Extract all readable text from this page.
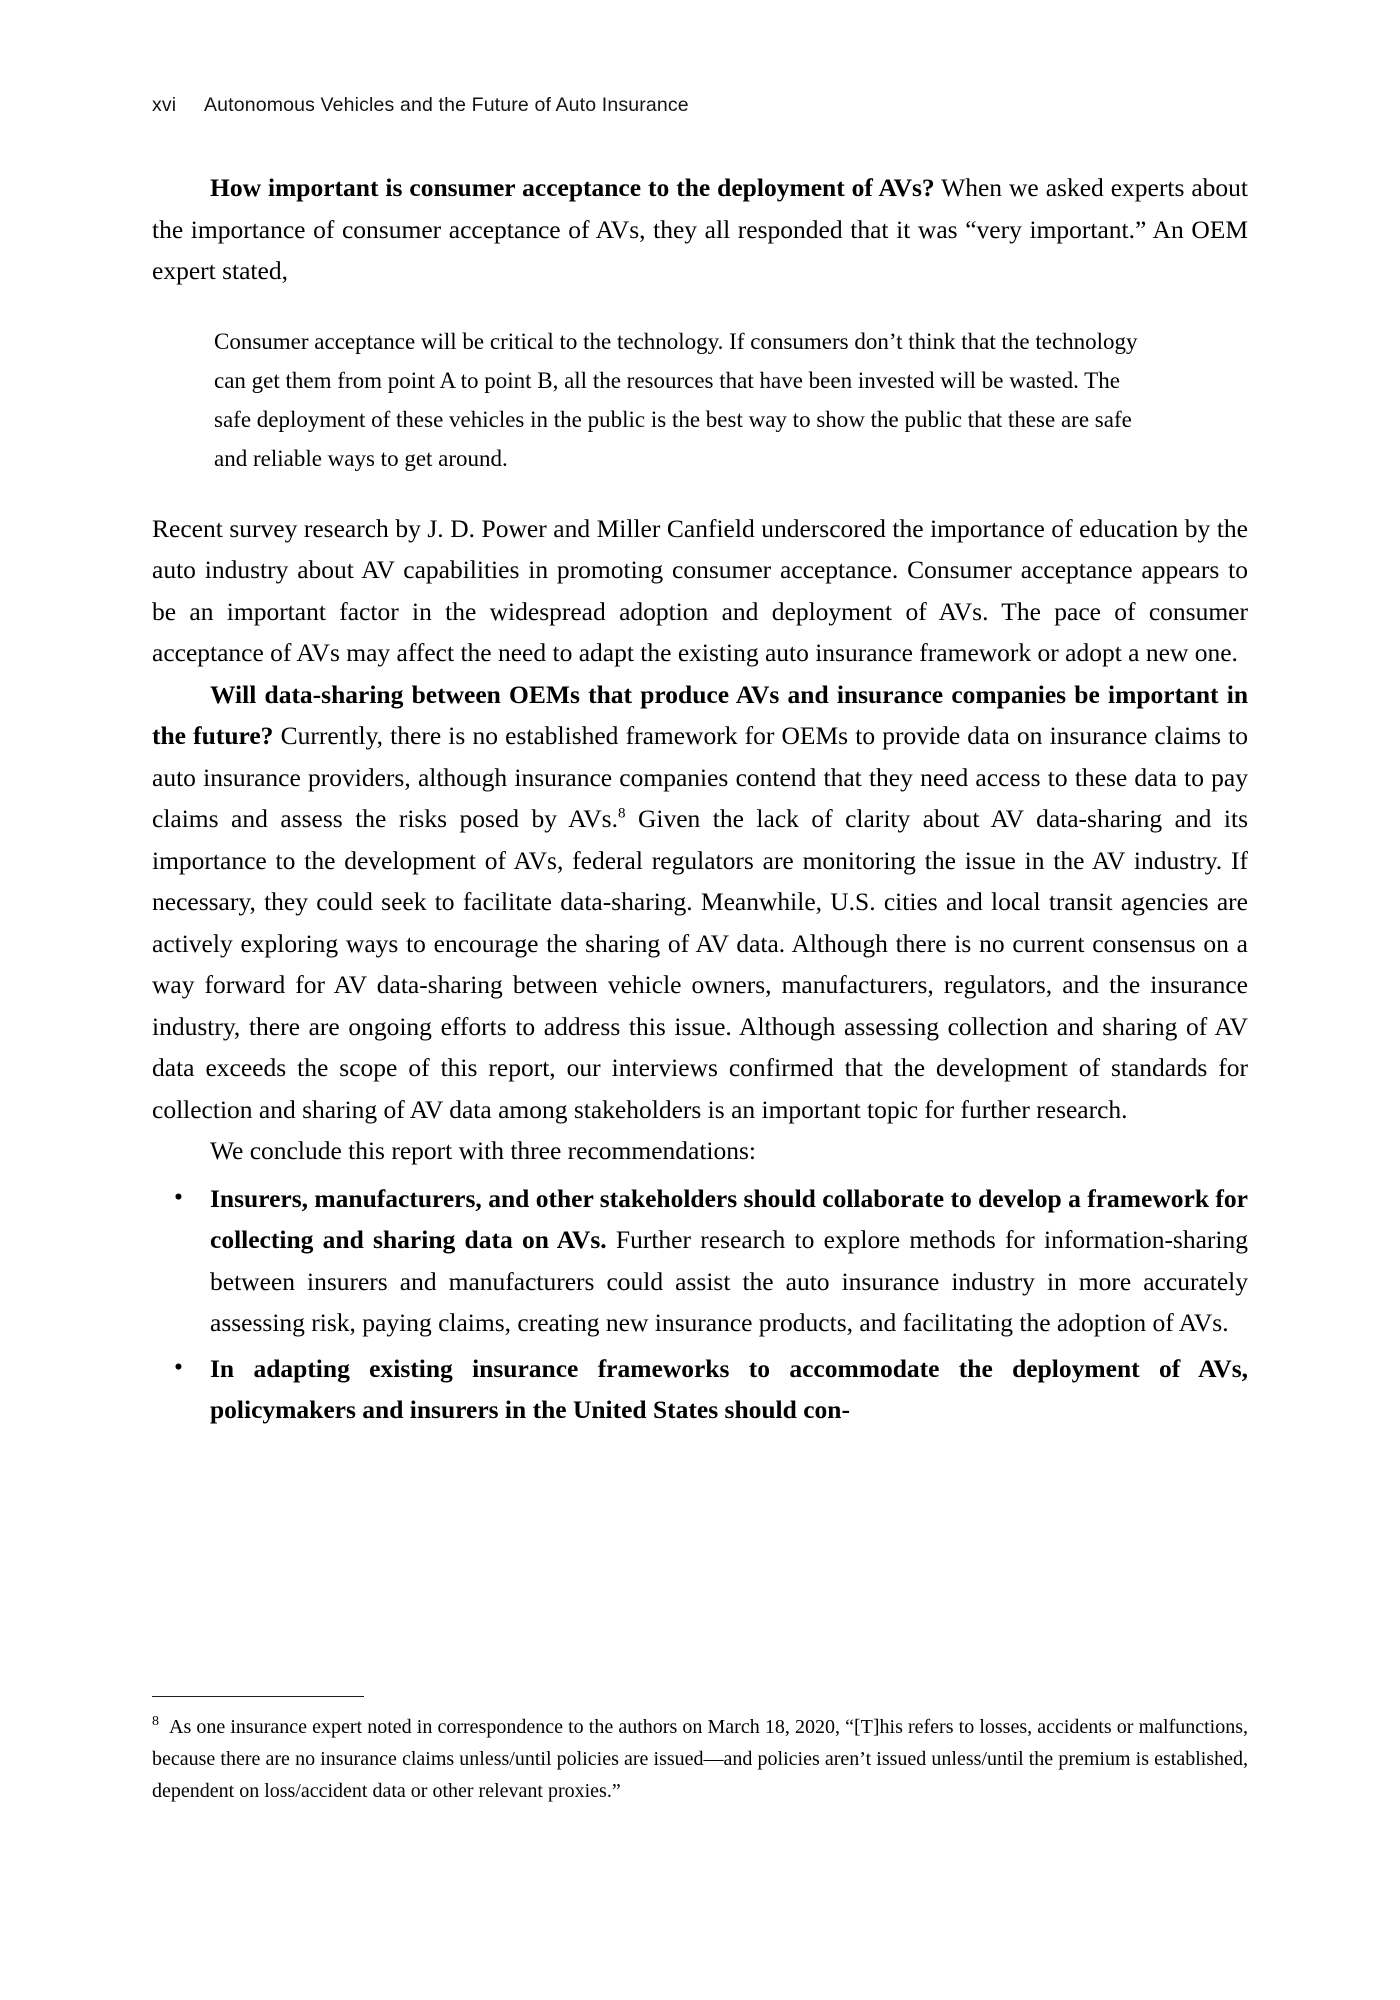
xvi Autonomous Vehicles and the Future of Auto Insurance

How important is consumer acceptance to the deployment of AVs? When we asked experts about the importance of consumer acceptance of AVs, they all responded that it was “very important.” An OEM expert stated,

Consumer acceptance will be critical to the technology. If consumers don’t think that the technology can get them from point A to point B, all the resources that have been invested will be wasted. The safe deployment of these vehicles in the public is the best way to show the public that these are safe and reliable ways to get around.

Recent survey research by J. D. Power and Miller Canfield underscored the importance of education by the auto industry about AV capabilities in promoting consumer acceptance. Consumer acceptance appears to be an important factor in the widespread adoption and deployment of AVs. The pace of consumer acceptance of AVs may affect the need to adapt the existing auto insurance framework or adopt a new one.

Will data-sharing between OEMs that produce AVs and insurance companies be important in the future? Currently, there is no established framework for OEMs to provide data on insurance claims to auto insurance providers, although insurance companies contend that they need access to these data to pay claims and assess the risks posed by AVs.$^8$ Given the lack of clarity about AV data-sharing and its importance to the development of AVs, federal regulators are monitoring the issue in the AV industry. If necessary, they could seek to facilitate data-sharing. Meanwhile, U.S. cities and local transit agencies are actively exploring ways to encourage the sharing of AV data. Although there is no current consensus on a way forward for AV data-sharing between vehicle owners, manufacturers, regulators, and the insurance industry, there are ongoing efforts to address this issue. Although assessing collection and sharing of AV data exceeds the scope of this report, our interviews confirmed that the development of standards for collection and sharing of AV data among stakeholders is an important topic for further research.

We conclude this report with three recommendations:

• Insurers, manufacturers, and other stakeholders should collaborate to develop a framework for collecting and sharing data on AVs. Further research to explore methods for information-sharing between insurers and manufacturers could assist the auto insurance industry in more accurately assessing risk, paying claims, creating new insurance products, and facilitating the adoption of AVs.
• In adapting existing insurance frameworks to accommodate the deployment of AVs, policymakers and insurers in the United States should con-

$^8$ As one insurance expert noted in correspondence to the authors on March 18, 2020, “[T]his refers to losses, accidents or malfunctions, because there are no insurance claims unless/until policies are issued—and policies aren’t issued unless/until the premium is established, dependent on loss/accident data or other relevant proxies.”
